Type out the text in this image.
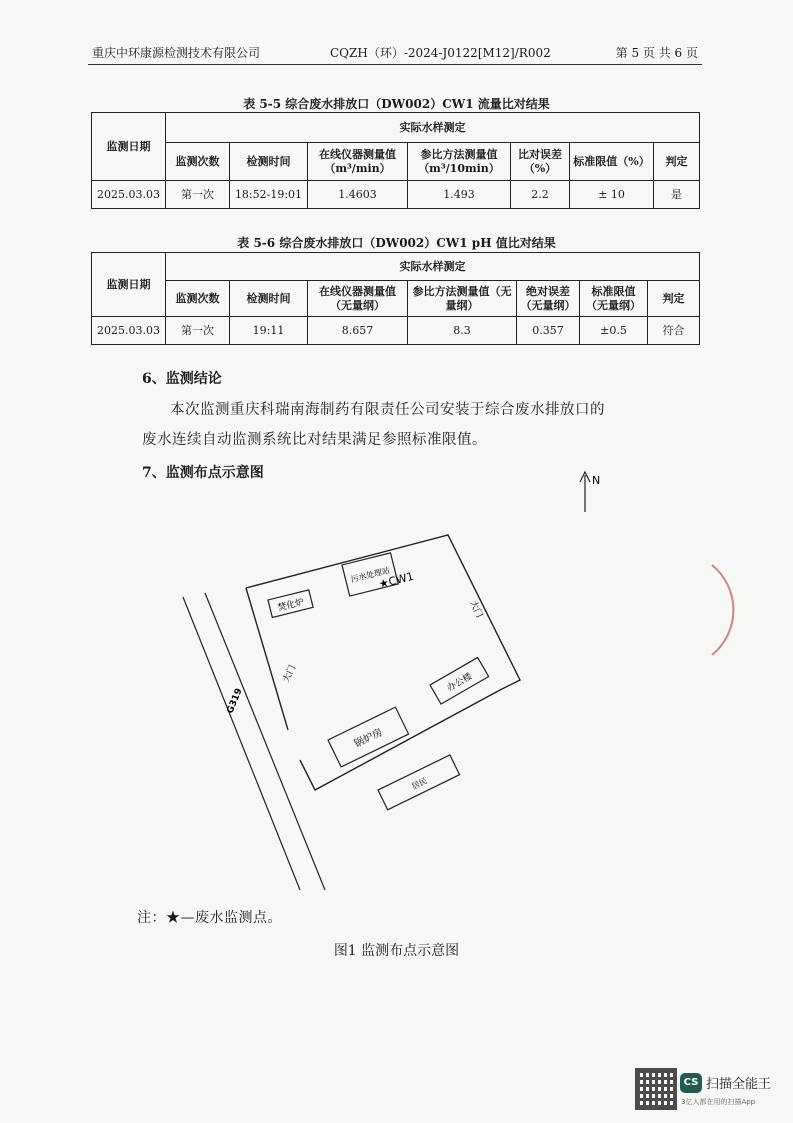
重庆中环康源检测技术有限公司	CQZH（环）-2024-J0122[M12]/R002	第 5 页 共 6 页
表 5-5 综合废水排放口（DW002）CW1 流量比对结果
监测日期	实际水样测定						
	监测次数	检测时间	在线仪器测量值（m³/min）	参比方法测量值（m³/10min）	比对误差（%）	标准限值（%）	判定
2025.03.03	第一次	18:52-19:01	1.4603	1.493	2.2	± 10	是
表 5-6 综合废水排放口（DW002）CW1 pH 值比对结果
监测日期	实际水样测定						
	监测次数	检测时间	在线仪器测量值（无量纲）	参比方法测量值（无量纲）	绝对误差（无量纲）	标准限值（无量纲）	判定
2025.03.03	第一次	19:11	8.657	8.3	0.357	±0.5	符合
6、监测结论
本次监测重庆科瑞南海制药有限责任公司安装于综合废水排放口的
废水连续自动监测系统比对结果满足参照标准限值。
7、监测布点示意图	N
G319
大门
大门
焚化炉
污水处理站
★CW1
办公楼
锅炉房
居民
注：★—废水监测点。
图1 监测布点示意图
CS 扫描全能王
3亿人都在用的扫描App
